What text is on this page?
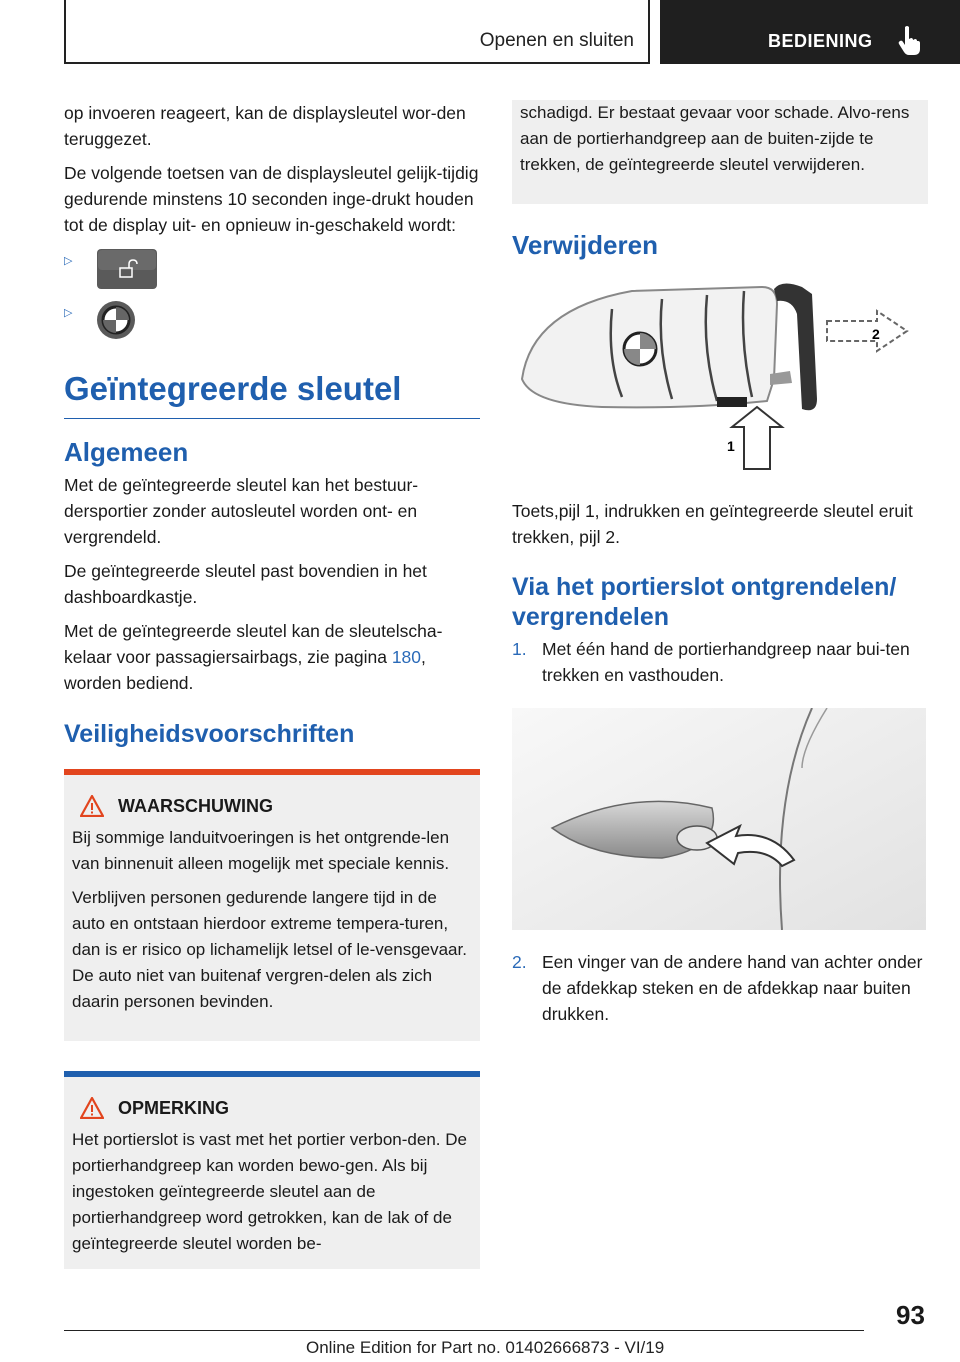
Openen en sluiten	BEDIENING

op invoeren reageert, kan de displaysleutel wor-den teruggezet.

De volgende toetsen van de displaysleutel gelijk-tijdig gedurende minstens 10 seconden inge-drukt houden tot de display uit- en opnieuw in-geschakeld wordt:

▷
▷
Geïntegreerde sleutel
Algemeen

Met de geïntegreerde sleutel kan het bestuur-dersportier zonder autosleutel worden ont- en vergrendeld.

De geïntegreerde sleutel past bovendien in het dashboardkastje.

Met de geïntegreerde sleutel kan de sleutelscha-kelaar voor passagiersairbags, zie pagina 180, worden bediend.

Veiligheidsvoorschriften
WAARSCHUWING

Bij sommige landuitvoeringen is het ontgrende-len van binnenuit alleen mogelijk met speciale kennis.

Verblijven personen gedurende langere tijd in de auto en ontstaan hierdoor extreme tempera-turen, dan is er risico op lichamelijk letsel of le-vensgevaar. De auto niet van buitenaf vergren-delen als zich daarin personen bevinden.

OPMERKING

Het portierslot is vast met het portier verbon-den. De portierhandgreep kan worden bewo-gen. Als bij ingestoken geïntegreerde sleutel aan de portierhandgreep word getrokken, kan de lak of de geïntegreerde sleutel worden be-

schadigd. Er bestaat gevaar voor schade. Alvo-rens aan de portierhandgreep aan de buiten-zijde te trekken, de geïntegreerde sleutel verwijderen.

Verwijderen
2
1

Toets,pijl 1, indrukken en geïntegreerde sleutel eruit trekken, pijl 2.

Via het portierslot ontgrendelen/ vergrendelen
1. Met één hand de portierhandgreep naar bui-ten trekken en vasthouden.
2. Een vinger van de andere hand van achter onder de afdekkap steken en de afdekkap naar buiten drukken.
93
Online Edition for Part no. 01402666873 - VI/19
